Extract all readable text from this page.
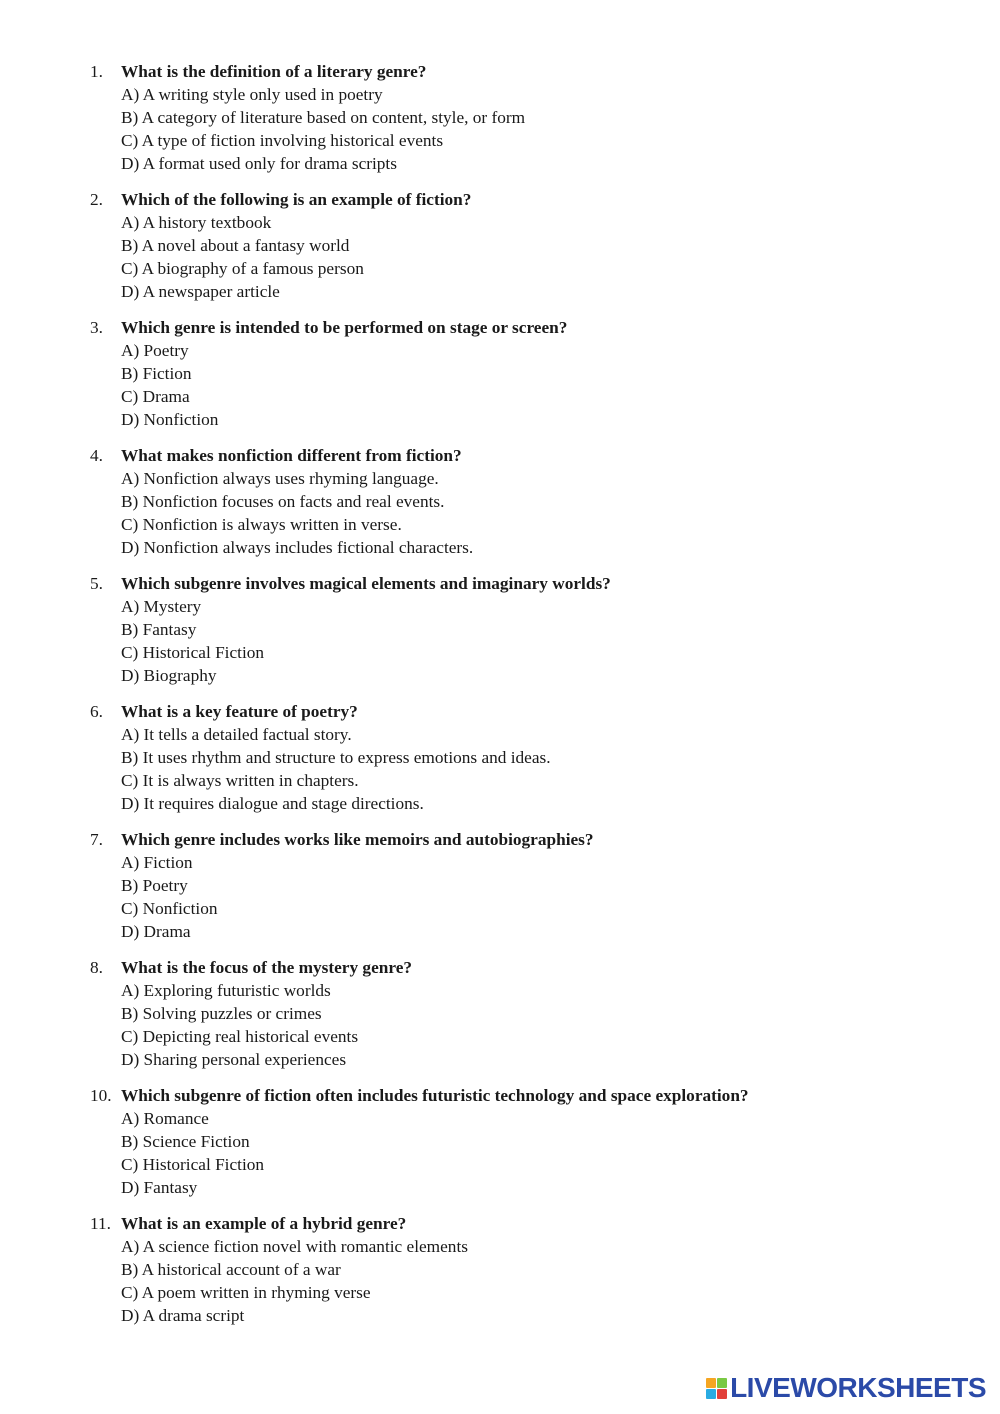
1. What is the definition of a literary genre?
A) A writing style only used in poetry
B) A category of literature based on content, style, or form
C) A type of fiction involving historical events
D) A format used only for drama scripts
2. Which of the following is an example of fiction?
A) A history textbook
B) A novel about a fantasy world
C) A biography of a famous person
D) A newspaper article
3. Which genre is intended to be performed on stage or screen?
A) Poetry
B) Fiction
C) Drama
D) Nonfiction
4. What makes nonfiction different from fiction?
A) Nonfiction always uses rhyming language.
B) Nonfiction focuses on facts and real events.
C) Nonfiction is always written in verse.
D) Nonfiction always includes fictional characters.
5. Which subgenre involves magical elements and imaginary worlds?
A) Mystery
B) Fantasy
C) Historical Fiction
D) Biography
6. What is a key feature of poetry?
A) It tells a detailed factual story.
B) It uses rhythm and structure to express emotions and ideas.
C) It is always written in chapters.
D) It requires dialogue and stage directions.
7. Which genre includes works like memoirs and autobiographies?
A) Fiction
B) Poetry
C) Nonfiction
D) Drama
8. What is the focus of the mystery genre?
A) Exploring futuristic worlds
B) Solving puzzles or crimes
C) Depicting real historical events
D) Sharing personal experiences
10. Which subgenre of fiction often includes futuristic technology and space exploration?
A) Romance
B) Science Fiction
C) Historical Fiction
D) Fantasy
11. What is an example of a hybrid genre?
A) A science fiction novel with romantic elements
B) A historical account of a war
C) A poem written in rhyming verse
D) A drama script
LIVEWORKSHEETS
